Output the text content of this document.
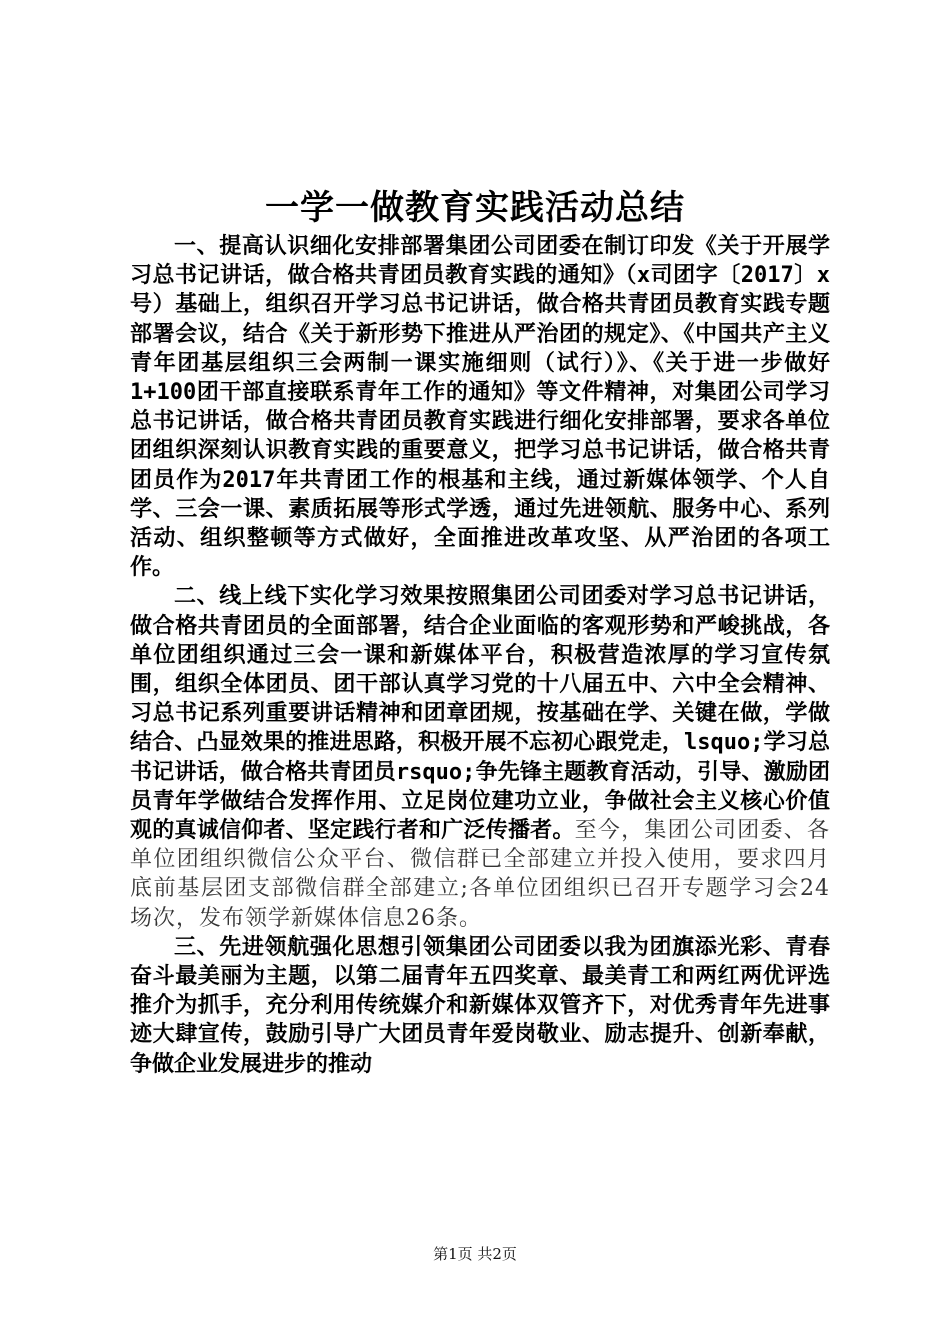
一学一做教育实践活动总结

一、提高认识细化安排部署集团公司团委在制订印发《关于开展学习总书记讲话，做合格共青团员教育实践的通知》（x司团字〔2017〕x号）基础上，组织召开学习总书记讲话，做合格共青团员教育实践专题部署会议，结合《关于新形势下推进从严治团的规定》、《中国共产主义青年团基层组织三会两制一课实施细则（试行）》、《关于进一步做好1+100团干部直接联系青年工作的通知》等文件精神，对集团公司学习总书记讲话，做合格共青团员教育实践进行细化安排部署，要求各单位团组织深刻认识教育实践的重要意义，把学习总书记讲话，做合格共青团员作为2017年共青团工作的根基和主线，通过新媒体领学、个人自学、三会一课、素质拓展等形式学透，通过先进领航、服务中心、系列活动、组织整顿等方式做好，全面推进改革攻坚、从严治团的各项工作。

二、线上线下实化学习效果按照集团公司团委对学习总书记讲话，做合格共青团员的全面部署，结合企业面临的客观形势和严峻挑战，各单位团组织通过三会一课和新媒体平台，积极营造浓厚的学习宣传氛围，组织全体团员、团干部认真学习党的十八届五中、六中全会精神、习总书记系列重要讲话精神和团章团规，按基础在学、关键在做，学做结合、凸显效果的推进思路，积极开展不忘初心跟党走，lsquo;学习总书记讲话，做合格共青团员rsquo;争先锋主题教育活动，引导、激励团员青年学做结合发挥作用、立足岗位建功立业，争做社会主义核心价值观的真诚信仰者、坚定践行者和广泛传播者。至今，集团公司团委、各单位团组织微信公众平台、微信群已全部建立并投入使用，要求四月底前基层团支部微信群全部建立;各单位团组织已召开专题学习会24场次，发布领学新媒体信息26条。

三、先进领航强化思想引领集团公司团委以我为团旗添光彩、青春奋斗最美丽为主题，以第二届青年五四奖章、最美青工和两红两优评选推介为抓手，充分利用传统媒介和新媒体双管齐下，对优秀青年先进事迹大肆宣传，鼓励引导广大团员青年爱岗敬业、励志提升、创新奉献，争做企业发展进步的推动

第1页 共2页
